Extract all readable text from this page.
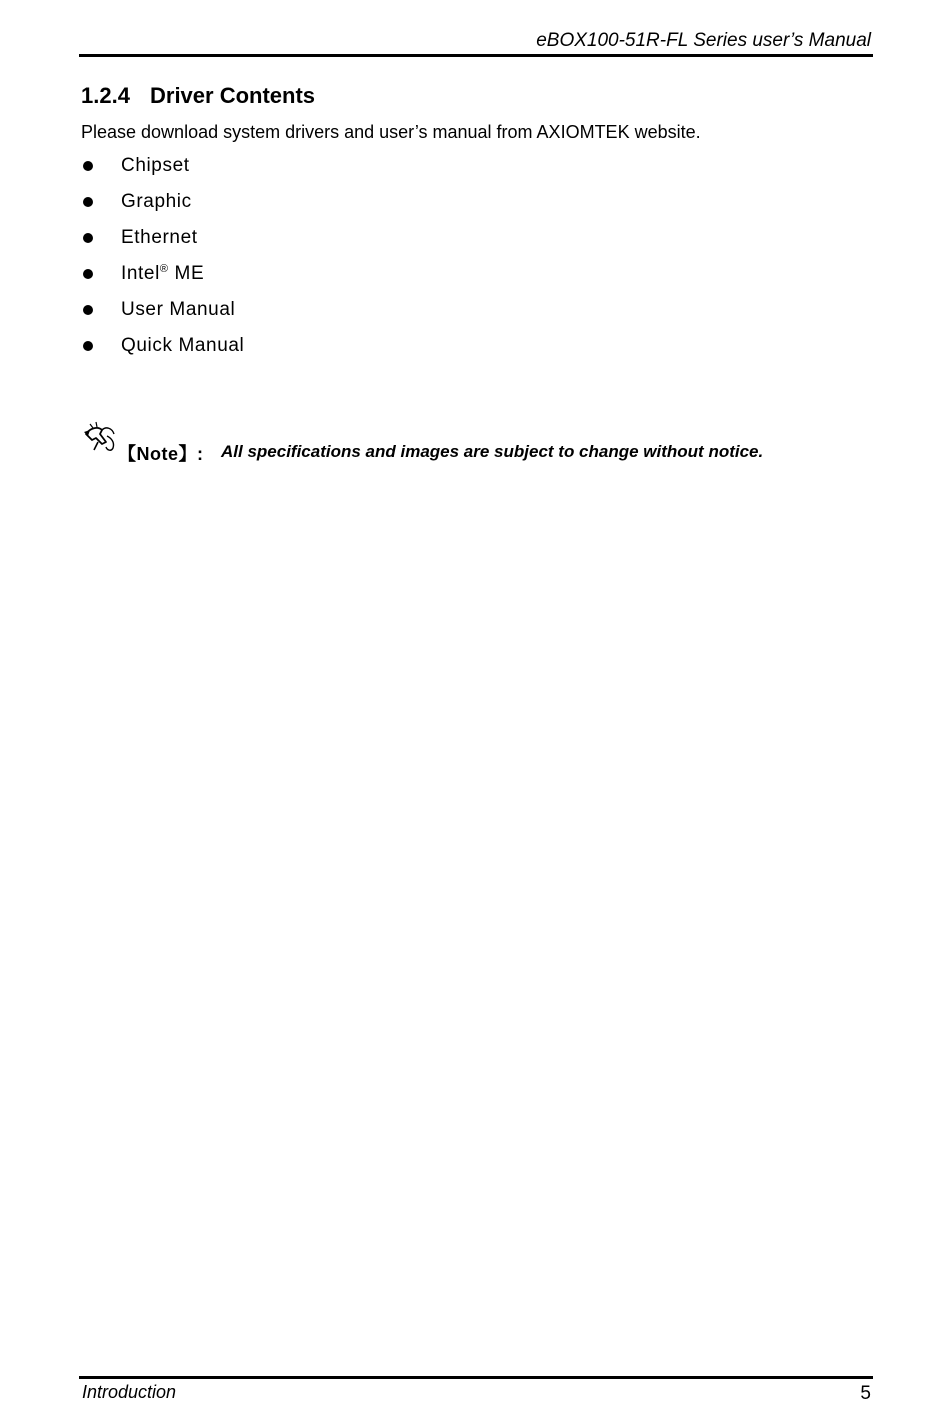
eBOX100-51R-FL Series user’s Manual
1.2.4 Driver Contents
Please download system drivers and user’s manual from AXIOMTEK website.
Chipset
Graphic
Ethernet
Intel® ME
User Manual
Quick Manual
【Note】: All specifications and images are subject to change without notice.
Introduction	5
